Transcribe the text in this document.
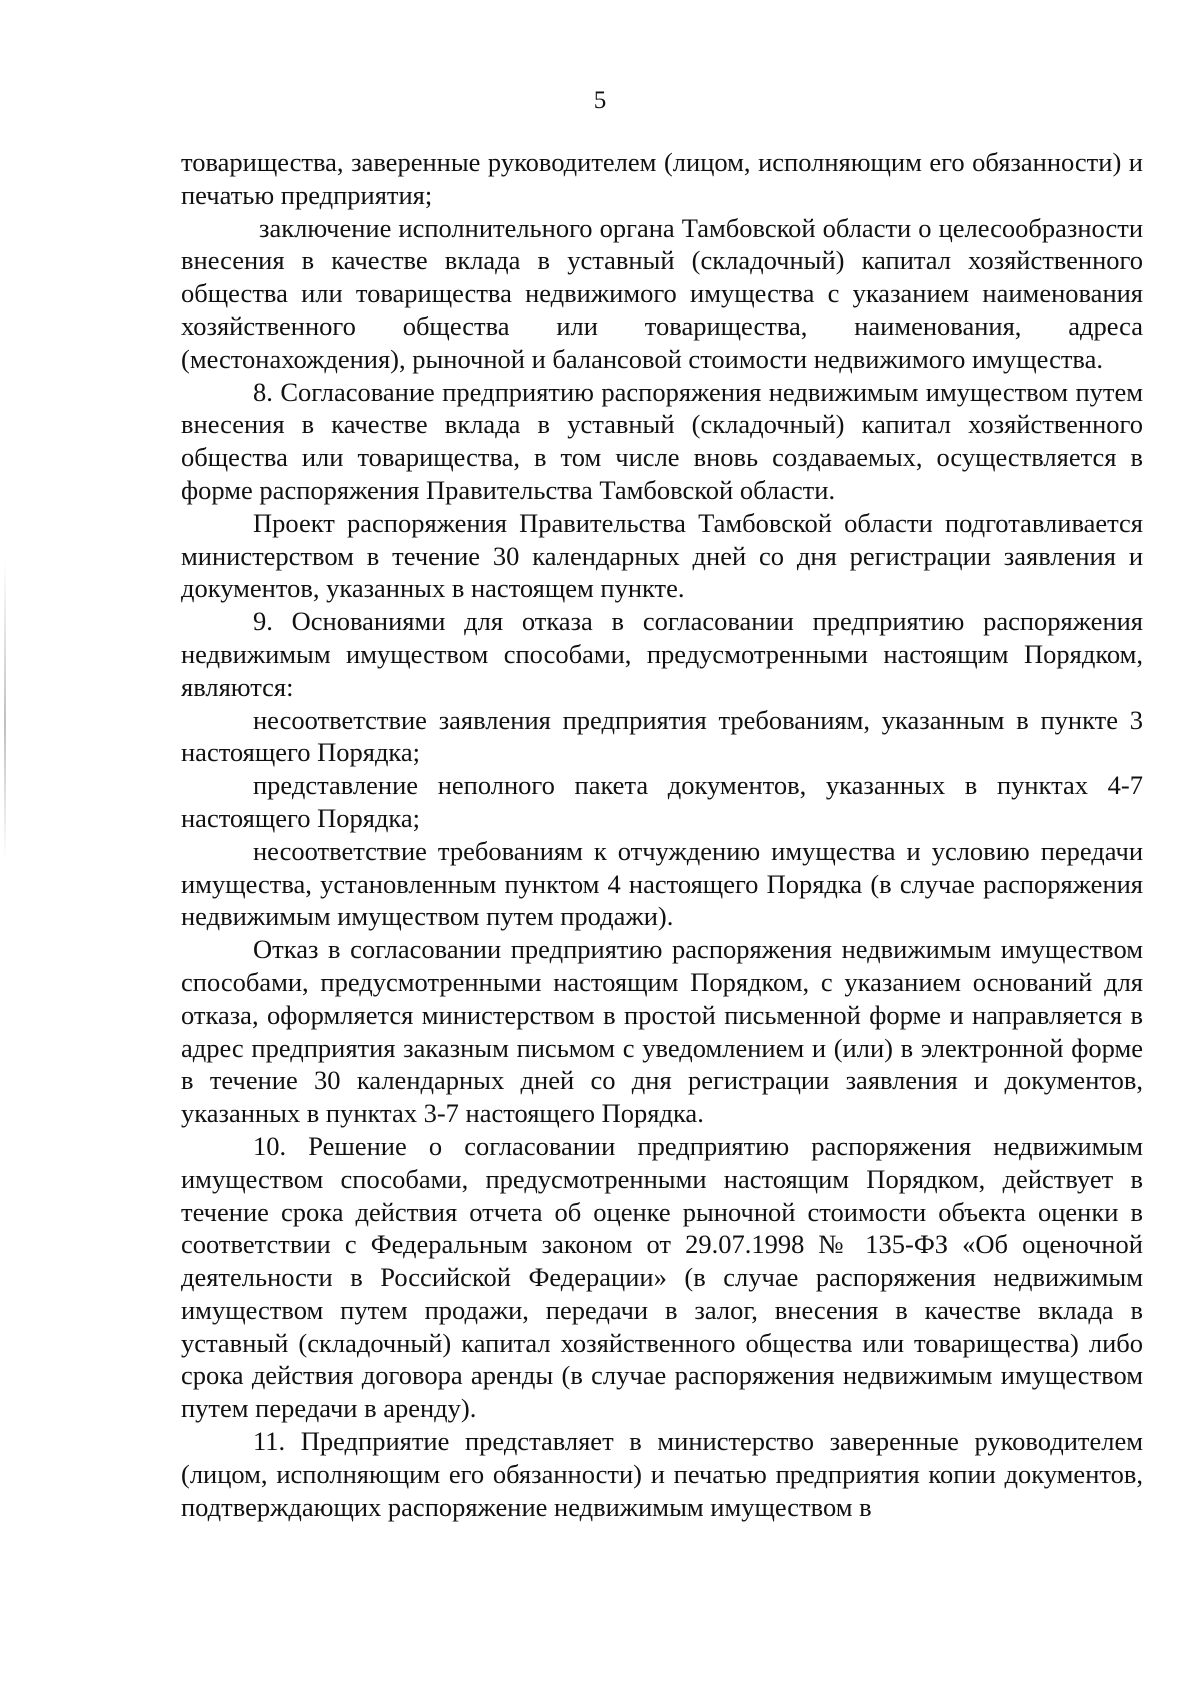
5

товарищества, заверенные руководителем (лицом, исполняющим его обязанности) и печатью предприятия;

заключение исполнительного органа Тамбовской области о целесообразности внесения в качестве вклада в уставный (складочный) капитал хозяйственного общества или товарищества недвижимого имущества с указанием наименования хозяйственного общества или товарищества, наименования, адреса (местонахождения), рыночной и балансовой стоимости недвижимого имущества.

8. Согласование предприятию распоряжения недвижимым имуществом путем внесения в качестве вклада в уставный (складочный) капитал хозяйственного общества или товарищества, в том числе вновь создаваемых, осуществляется в форме распоряжения Правительства Тамбовской области.

Проект распоряжения Правительства Тамбовской области подготавливается министерством в течение 30 календарных дней со дня регистрации заявления и документов, указанных в настоящем пункте.

9. Основаниями для отказа в согласовании предприятию распоряжения недвижимым имуществом способами, предусмотренными настоящим Порядком, являются:

несоответствие заявления предприятия требованиям, указанным в пункте 3 настоящего Порядка;

представление неполного пакета документов, указанных в пунктах 4-7 настоящего Порядка;

несоответствие требованиям к отчуждению имущества и условию передачи имущества, установленным пунктом 4 настоящего Порядка (в случае распоряжения недвижимым имуществом путем продажи).

Отказ в согласовании предприятию распоряжения недвижимым имуществом способами, предусмотренными настоящим Порядком, с указанием оснований для отказа, оформляется министерством в простой письменной форме и направляется в адрес предприятия заказным письмом с уведомлением и (или) в электронной форме в течение 30 календарных дней со дня регистрации заявления и документов, указанных в пунктах 3-7 настоящего Порядка.

10. Решение о согласовании предприятию распоряжения недвижимым имуществом способами, предусмотренными настоящим Порядком, действует в течение срока действия отчета об оценке рыночной стоимости объекта оценки в соответствии с Федеральным законом от 29.07.1998 № 135-ФЗ «Об оценочной деятельности в Российской Федерации» (в случае распоряжения недвижимым имуществом путем продажи, передачи в залог, внесения в качестве вклада в уставный (складочный) капитал хозяйственного общества или товарищества) либо срока действия договора аренды (в случае распоряжения недвижимым имуществом путем передачи в аренду).

11. Предприятие представляет в министерство заверенные руководителем (лицом, исполняющим его обязанности) и печатью предприятия копии документов, подтверждающих распоряжение недвижимым имуществом в
